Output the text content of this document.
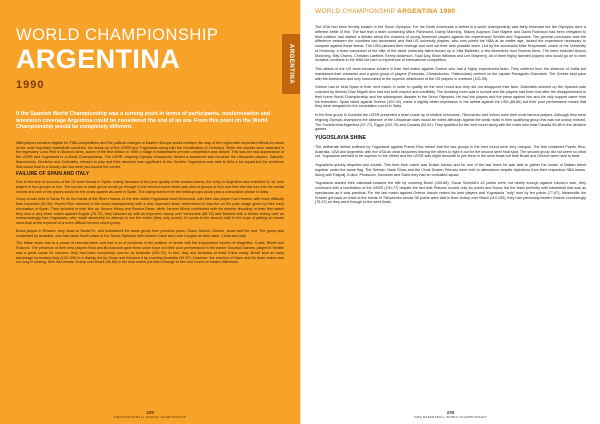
ARGENTINA
WORLD CHAMPIONSHIP
ARGENTINA
1990
If the Spanish World Championship was a turning point in terms of participants, modernisation and television coverage Argentina could be considered the end of an era. From this point on the World Championship would be completely different.

NBA players became eligible for FIBA competitions and the political changes in Eastern Europe would reshape the map of the region with important effects for some of the most important basketball countries: the break-up of the USSR and Yugoslavia along with the reunification of Germany. When the medals were awarded in the legendary Luna Park in Buenos Aires, scene of the first edition in 1950 a stage in basketball's premier competition was closed. This was the last appearance of the USSR and Yugoslavia in a World Championship. The USSR, reigning Olympic champions, fielded a weakened side because the Lithuanian players, Sabonis, Marciulionis, Homicius and Kurtinaitis, refused to play and their absence was significant to the Soviets. Yugoslavia was able to field a full squad but the problems that would lead to a bloody civil war were just around the corner.

FAILURE OF SPAIN AND ITALY

Due to the lack of success of the 24 team format in Spain, mainly because of the poor quality of the weaker teams, the entry in Argentina was restricted to 16, who played in four groups of four. The top two in each group would go through to the second round which was also in groups of four and then the last four into the medal rounds and one of the places would be the cross system as used in Spain. The losing teams from the initial groups would play a consolation phase in Salta.

Group A was held in Santa Fe on the banks of the River Parana. In the first match Yugoslavia beat Venezuela, with their star player Carl Herrera, with more difficulty than expected (92-84). Puerto Rico returned to the world championship with a new, improved team, determined to improve on the poor image given by their early elimination in Spain. They included in their line up Jerome Mincy and Ramon Rivas, while Jerome Mincy contributed with his exterior shooting. In their first match they won a very close match against Angola (78-75), they followed up with an improved victory over Venezuela (88-74) and finished with a further victory over an embarrassingly bad Yugoslavia, who made absolutely no attempt to win the match (they only scored 19 points in the second half) in the hope of getting an easier semi-final at the expense of a more difficult second round group.

Brazil played in Rosario, very close to Santa Fe, and maintained the same group from previous years: Oscar, Marcel, Gerson, Israel and the rest. The group was completed by Australia, who had taken fourth place in the Seoul Olympics with Andrew Gaze and Luke Longley as their stars, China and Italy.

The Italian team was in a phase of reconstruction and had a lot of problems in the position of centre with the inopportune injuries of Magnifico, Costa, Binelli and Rusconi. The presence of their best players Riva and Brunamonti gave them some hope but their poor performance in the earlier Goodwill Games, played in Seattle was a great cause for concern, they had been completely overrun by Australia (109-75). In fact, Italy and Australia at least China easily. Brazil took an early advantage by beating Italy (125-109) in a display led by Oscar and followed it by crushing Australia (99-97). However, the reaction of Gaze and his team mates was not long in coming, their last-minute victory over Brazil (98-89) in the final match put them through to the next round on basket difference.

229
FIBA BASKETBALL WORLD CHAMPIONSHIP
WORLD CHAMPIONSHIP ARGENTINA 1990

The USA had been terribly shaken in the Seoul Olympics. For the North Americans a defeat in a world championship was fairly irrelevant but the Olympics were a different kettle of fish. The fact that a team containing Mitch Richmond, Danny Manning, Stacey Augmon, Dan Majerle and David Robinson had been relegated to third position had started a debate about the chances of young American players against the experienced Soviets and Yugoslavs. The general conclusion was the difference between the countries had decreased and that US university players, who now joined the NBA at an earlier age, lacked the experience necessary to compete against these teams. The USA planned their revenge and sent out their best possible team. Led by the successful Mike Krzyzewski, coach of the University of Kentucky, a team composed of the elite of the latest university talent turned up in Villa Ballester, a few kilometres from Buenos Aires. The team included Alonzo Mourning, Billy Owens, Christian Laettner, Kenny Anderson, Todd Day, Brian Williams and Lee Mayberry, all of them highly talented players who would go on to earn lucrative contracts in the NBA but had no experience of international competition.

This defeat of the US team became evident in their first match against Greece who had a highly experienced team. They suffered from the absence of Gallis but maintained their character and a good group of players (Fasoulas, Christodoulou, Patavoukas) centred on the captain Panagiotis Giannakis. The Greeks kept pace with the Americans and only succumbed to the superior athleticism of the US players in overtime (103-95).

Greece had to beat Spain in their next match in order to qualify for the next round and they did not disappoint their fans. Giannakis showed up the Spanish side coached by Antonio Diaz Miguel who had lost both respect and credibility. The dressing room was in turmoil and the players had been lost after the disappointment in their home World Championship and the subsequent disaster in the Seoul Olympics. He had the players and the press against him and his only support came from his federation. Spain failed against Greece (102-93), made a slightly better impression in the defeat against the USA (85-85) but their poor performance meant that they were relegated to the consolation round in Salta.

In the final group in Cordoba the USSR presented a team made up of relative unknowns, Tikhonenko and Volkov were their most famous players. Although they were reigning Olympic champions the absence of the Lithuanian stars would be noted although against the weak rivals in their qualifying group this was not unduly noticed. The Soviets beat Argentina (97-77), Egypt (102-76) and Canada (90-81). They qualified for the next round along with the hosts who beat Canada 96-88 in the decisive games.

YUGOSLAVIA SHINE

The deliberate defeat suffered by Yugoslavia against Puerto Rico meant that the two groups in the next round were very unequal. The first contained Puerto Rico, Australia, USA and Argentina, with the USA as clear favourites leaving the others to fight it out for the second semi final spot. The second group did not seem so clear cut. Yugoslavia seemed to be superior to the others and the USSR was slight favourite to join them in the semi finals but both Brazil and Greece were hard to beat.

Yugoslavia quickly dispelled any doubts. This time their coach was Dusan Ivkovic and for one of the last times he was able to gather the cream of Balkan talent together under the same flag. The Serbian Vlade Divac and the Croat Drazen Petrovic were both in attendance despite objections from their respective NBA teams. Along with Paspalj, Kukoc, Perasovic, Komazec and Savic they had an unrivalled squad.

Yugoslavia started their cakewalk towards the title by crushing Brazil (105-86), Oscar Schmidt's 42 points were not nearly enough against Ivkovic's side, they continued with a humiliation of the USSR (100-77) despite the fact that Petrovic scored only six points and Kukoc led the team perfectly with basketball that was as spectacular as it was practical. For the last match against Greece Ivkovic rested his best players and Yugoslavia "only" won by ten points (77-67). Meanwhile the Soviets got back on track at the hands of Tikhonenko whose 38 points were vital in their victory over Brazil (110-100), they had previously beaten Greece convincingly (75-57) so they went through to the semi finals.

230
FIBA BASKETBALL WORLD CHAMPIONSHIP
